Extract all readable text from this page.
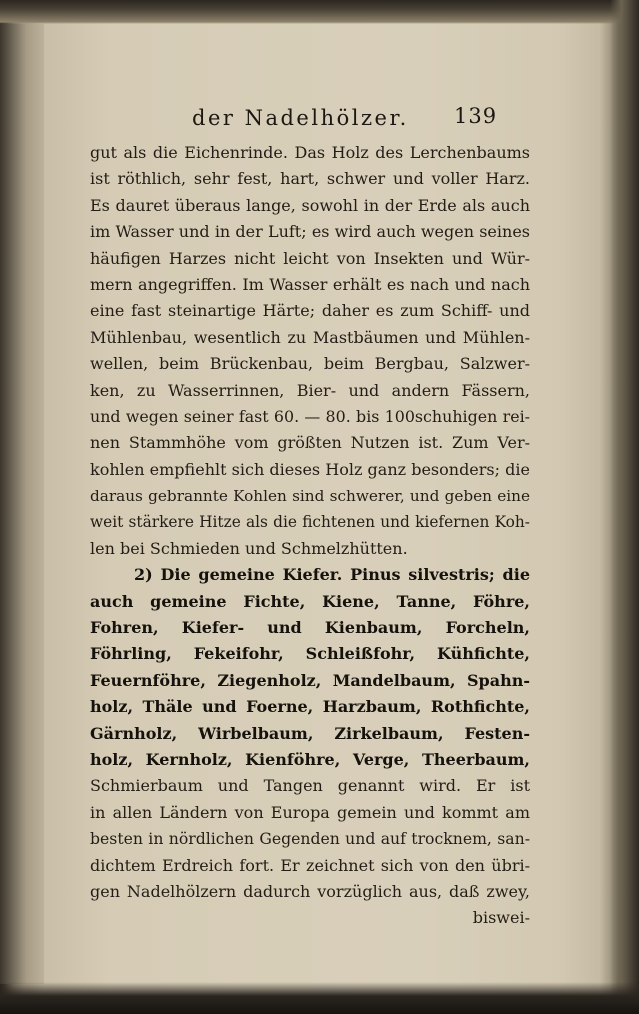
der Nadelhölzer. 139
gut als die Eichenrinde. Das Holz des Lerchenbaums
ist röthlich, sehr fest, hart, schwer und voller Harz.
Es dauret überaus lange, sowohl in der Erde als auch
im Wasser und in der Luft; es wird auch wegen seines
häufigen Harzes nicht leicht von Insekten und Wür-
mern angegriffen. Im Wasser erhält es nach und nach
eine fast steinartige Härte; daher es zum Schiff- und
Mühlenbau, wesentlich zu Mastbäumen und Mühlen-
wellen, beim Brückenbau, beim Bergbau, Salzwer-
ken, zu Wasserrinnen, Bier- und andern Fässern,
und wegen seiner fast 60. — 80. bis 100schuhigen rei-
nen Stammhöhe vom größten Nutzen ist. Zum Ver-
kohlen empfiehlt sich dieses Holz ganz besonders; die
daraus gebrannte Kohlen sind schwerer, und geben eine
weit stärkere Hitze als die fichtenen und kiefernen Koh-
len bei Schmieden und Schmelzhütten.
2) Die gemeine Kiefer. Pinus silvestris; die
auch gemeine Fichte, Kiene, Tanne, Föhre,
Fohren, Kiefer- und Kienbaum, Forcheln,
Föhrling, Fekeifohr, Schleißfohr, Kühfichte,
Feuernföhre, Ziegenholz, Mandelbaum, Spahn-
holz, Thäle und Foerne, Harzbaum, Rothfichte,
Gärnholz, Wirbelbaum, Zirkelbaum, Festen-
holz, Kernholz, Kienföhre, Verge, Theerbaum,
Schmierbaum und Tangen genannt wird. Er ist
in allen Ländern von Europa gemein und kommt am
besten in nördlichen Gegenden und auf trocknem, san-
dichtem Erdreich fort. Er zeichnet sich von den übri-
gen Nadelhölzern dadurch vorzüglich aus, daß zwey,
biswei-
